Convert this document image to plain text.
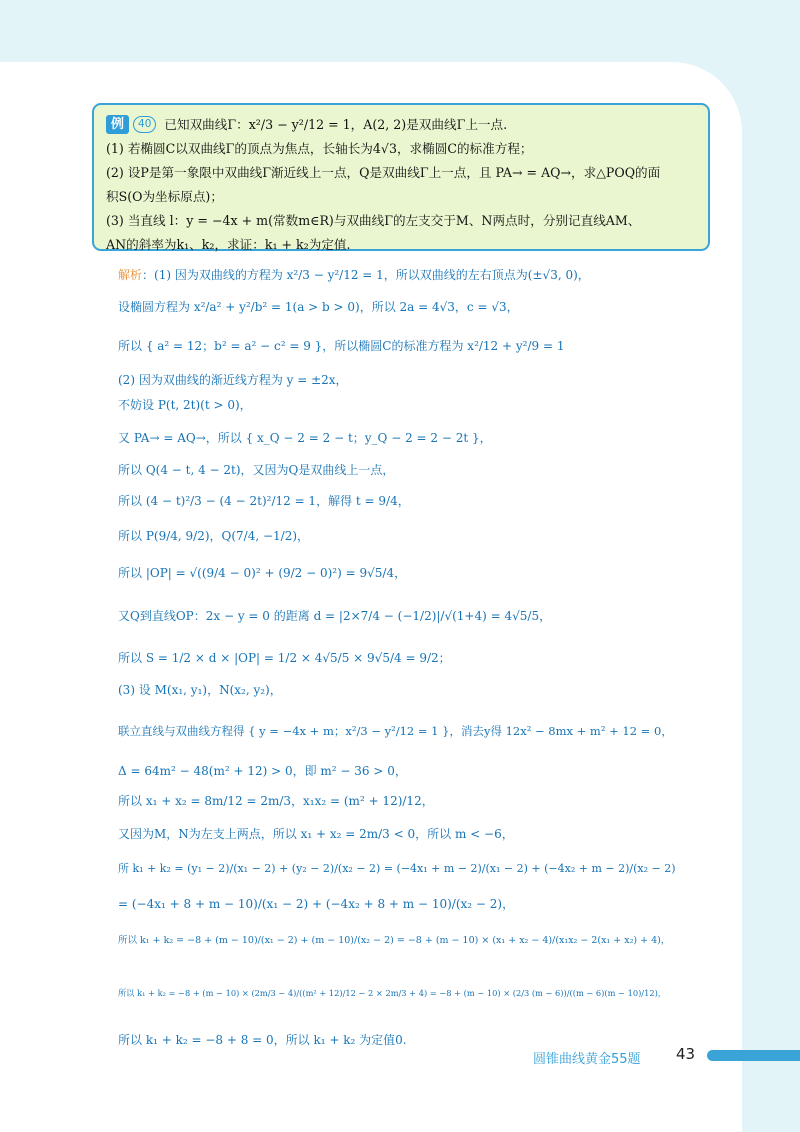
例 40 已知双曲线Γ：x²/3 − y²/12 = 1，A(2, 2)是双曲线Γ上一点.
(1) 若椭圆C以双曲线Γ的顶点为焦点，长轴长为4√3，求椭圆C的标准方程；
(2) 设P是第一象限中双曲线Γ渐近线上一点，Q是双曲线Γ上一点，且 PA→ = AQ→，求△POQ的面
积S(O为坐标原点)；
(3) 当直线 l：y = −4x + m(常数m∈R)与双曲线Γ的左支交于M、N两点时，分别记直线AM、
AN的斜率为k₁、k₂，求证：k₁ + k₂为定值.
解析：(1) 因为双曲线的方程为 x²/3 − y²/12 = 1，所以双曲线的左右顶点为(±√3, 0)，
设椭圆方程为 x²/a² + y²/b² = 1(a > b > 0)，所以 2a = 4√3，c = √3，
所以 { a² = 12；b² = a² − c² = 9 }，所以椭圆C的标准方程为 x²/12 + y²/9 = 1
(2) 因为双曲线的渐近线方程为 y = ±2x，
不妨设 P(t, 2t)(t > 0)，
又 PA→ = AQ→，所以 { x_Q − 2 = 2 − t；y_Q − 2 = 2 − 2t }，
所以 Q(4 − t, 4 − 2t)，又因为Q是双曲线上一点，
所以 (4 − t)²/3 − (4 − 2t)²/12 = 1，解得 t = 9/4，
所以 P(9/4, 9/2)，Q(7/4, −1/2)，
所以 |OP| = √((9/4 − 0)² + (9/2 − 0)²) = 9√5/4，
又Q到直线OP：2x − y = 0 的距离 d = |2×7/4 − (−1/2)|/√(1+4) = 4√5/5，
所以 S = 1/2 × d × |OP| = 1/2 × 4√5/5 × 9√5/4 = 9/2；
(3) 设 M(x₁, y₁)，N(x₂, y₂)，
联立直线与双曲线方程得 { y = −4x + m；x²/3 − y²/12 = 1 }，消去y得 12x² − 8mx + m² + 12 = 0，
Δ = 64m² − 48(m² + 12) > 0，即 m² − 36 > 0，
所以 x₁ + x₂ = 8m/12 = 2m/3，x₁x₂ = (m² + 12)/12，
又因为M，N为左支上两点，所以 x₁ + x₂ = 2m/3 < 0，所以 m < −6，
所 k₁ + k₂ = (y₁ − 2)/(x₁ − 2) + (y₂ − 2)/(x₂ − 2) = (−4x₁ + m − 2)/(x₁ − 2) + (−4x₂ + m − 2)/(x₂ − 2)
= (−4x₁ + 8 + m − 10)/(x₁ − 2) + (−4x₂ + 8 + m − 10)/(x₂ − 2)，
所以 k₁ + k₂ = −8 + (m − 10)/(x₁ − 2) + (m − 10)/(x₂ − 2) = −8 + (m − 10) × (x₁ + x₂ − 4)/(x₁x₂ − 2(x₁ + x₂) + 4)，
所以 k₁ + k₂ = −8 + (m − 10) × (2m/3 − 4)/((m² + 12)/12 − 2 × 2m/3 + 4) = −8 + (m − 10) × (2/3 (m − 6))/((m − 6)(m − 10)/12)，
所以 k₁ + k₂ = −8 + 8 = 0，所以 k₁ + k₂ 为定值0.
圆锥曲线黄金55题 43
